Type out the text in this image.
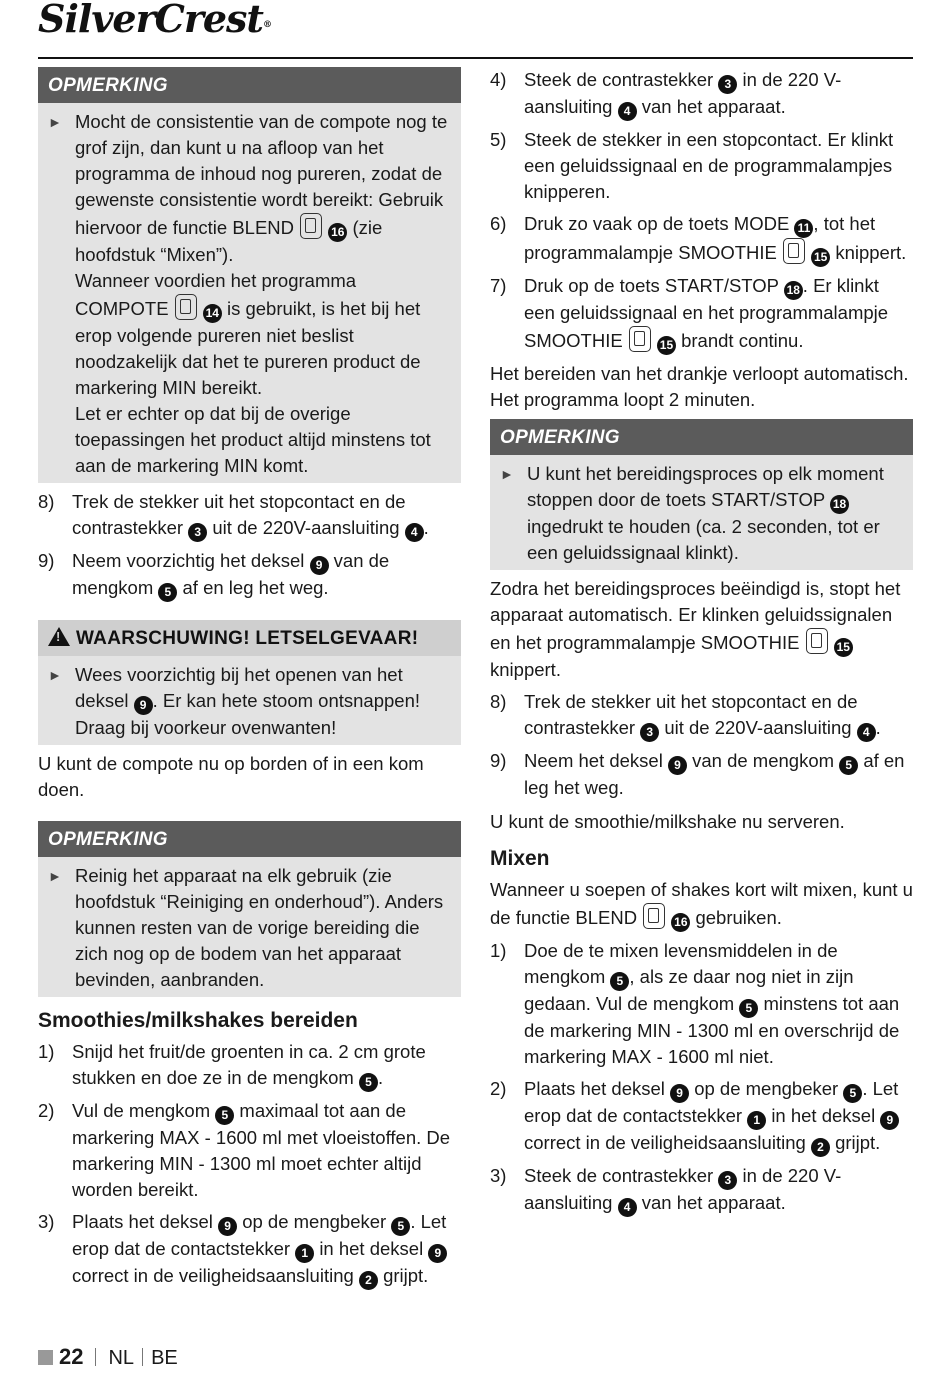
SilverCrest®
OPMERKING
► Mocht de consistentie van de compote nog te grof zijn, dan kunt u na afloop van het programma de inhoud nog pureren, zodat de gewenste consistentie wordt bereikt: Gebruik hiervoor de functie BLEND	16 (zie hoofdstuk “Mixen”).
Wanneer voordien het programma COMPOTE	14 is gebruikt, is het bij het erop volgende pureren niet beslist noodzakelijk dat het te pureren product de markering MIN bereikt.
Let er echter op dat bij de overige toepassingen het product altijd minstens tot aan de markering MIN komt.
8) Trek de stekker uit het stopcontact en de contrastekker 3 uit de 220V-aansluiting 4 .
9) Neem voorzichtig het deksel 9 van de mengkom 5 af en leg het weg.
!WAARSCHUWING! LETSELGEVAAR!
► Wees voorzichtig bij het openen van het deksel 9 . Er kan hete stoom ontsnappen! Draag bij voorkeur ovenwanten!

U kunt de compote nu op borden of in een kom doen.

OPMERKING
► Reinig het apparaat na elk gebruik (zie hoofdstuk “Reiniging en onderhoud”). Anders kunnen resten van de vorige bereiding die zich nog op de bodem van het apparaat bevinden, aanbranden.
Smoothies/milkshakes bereiden
1) Snijd het fruit/de groenten in ca. 2 cm grote stukken en doe ze in de mengkom 5 .
2) Vul de mengkom 5 maximaal tot aan de markering MAX - 1600 ml met vloeistoffen. De markering MIN - 1300 ml moet echter altijd worden bereikt.
3) Plaats het deksel 9 op de mengbeker 5 . Let erop dat de contactstekker 1 in het deksel 9 correct in de veiligheidsaansluiting 2 grijpt.
4) Steek de contrastekker 3 in de 220 V-aansluiting 4 van het apparaat.
5) Steek de stekker in een stopcontact. Er klinkt een geluidssignaal en de programmalampjes knipperen.
6) Druk zo vaak op de toets MODE 11 , tot het programmalampje SMOOTHIE	15 knippert.
7) Druk op de toets START/STOP 18 . Er klinkt een geluidssignaal en het programmalampje SMOOTHIE	15 brandt continu.

Het bereiden van het drankje verloopt automatisch. Het programma loopt 2 minuten.

OPMERKING
► U kunt het bereidingsproces op elk moment stoppen door de toets START/STOP 18 ingedrukt te houden (ca. 2 seconden, tot er een geluidssignaal klinkt).

Zodra het bereidingsproces beëindigd is, stopt het apparaat automatisch. Er klinken geluidssignalen en het programmalampje SMOOTHIE	15 knippert.

8) Trek de stekker uit het stopcontact en de contrastekker 3 uit de 220V-aansluiting 4 .
9) Neem het deksel 9 van de mengkom 5 af en leg het weg.

U kunt de smoothie/milkshake nu serveren.

Mixen

Wanneer u soepen of shakes kort wilt mixen, kunt u de functie BLEND	16 gebruiken.

1) Doe de te mixen levensmiddelen in de mengkom 5 , als ze daar nog niet in zijn gedaan. Vul de mengkom 5 minstens tot aan de markering MIN - 1300 ml en overschrijd de markering MAX - 1600 ml niet.
2) Plaats het deksel 9 op de mengbeker 5 . Let erop dat de contactstekker 1 in het deksel 9 correct in de veiligheidsaansluiting 2 grijpt.
3) Steek de contrastekker 3 in de 220 V-aansluiting 4 van het apparaat.
22 NL BE
